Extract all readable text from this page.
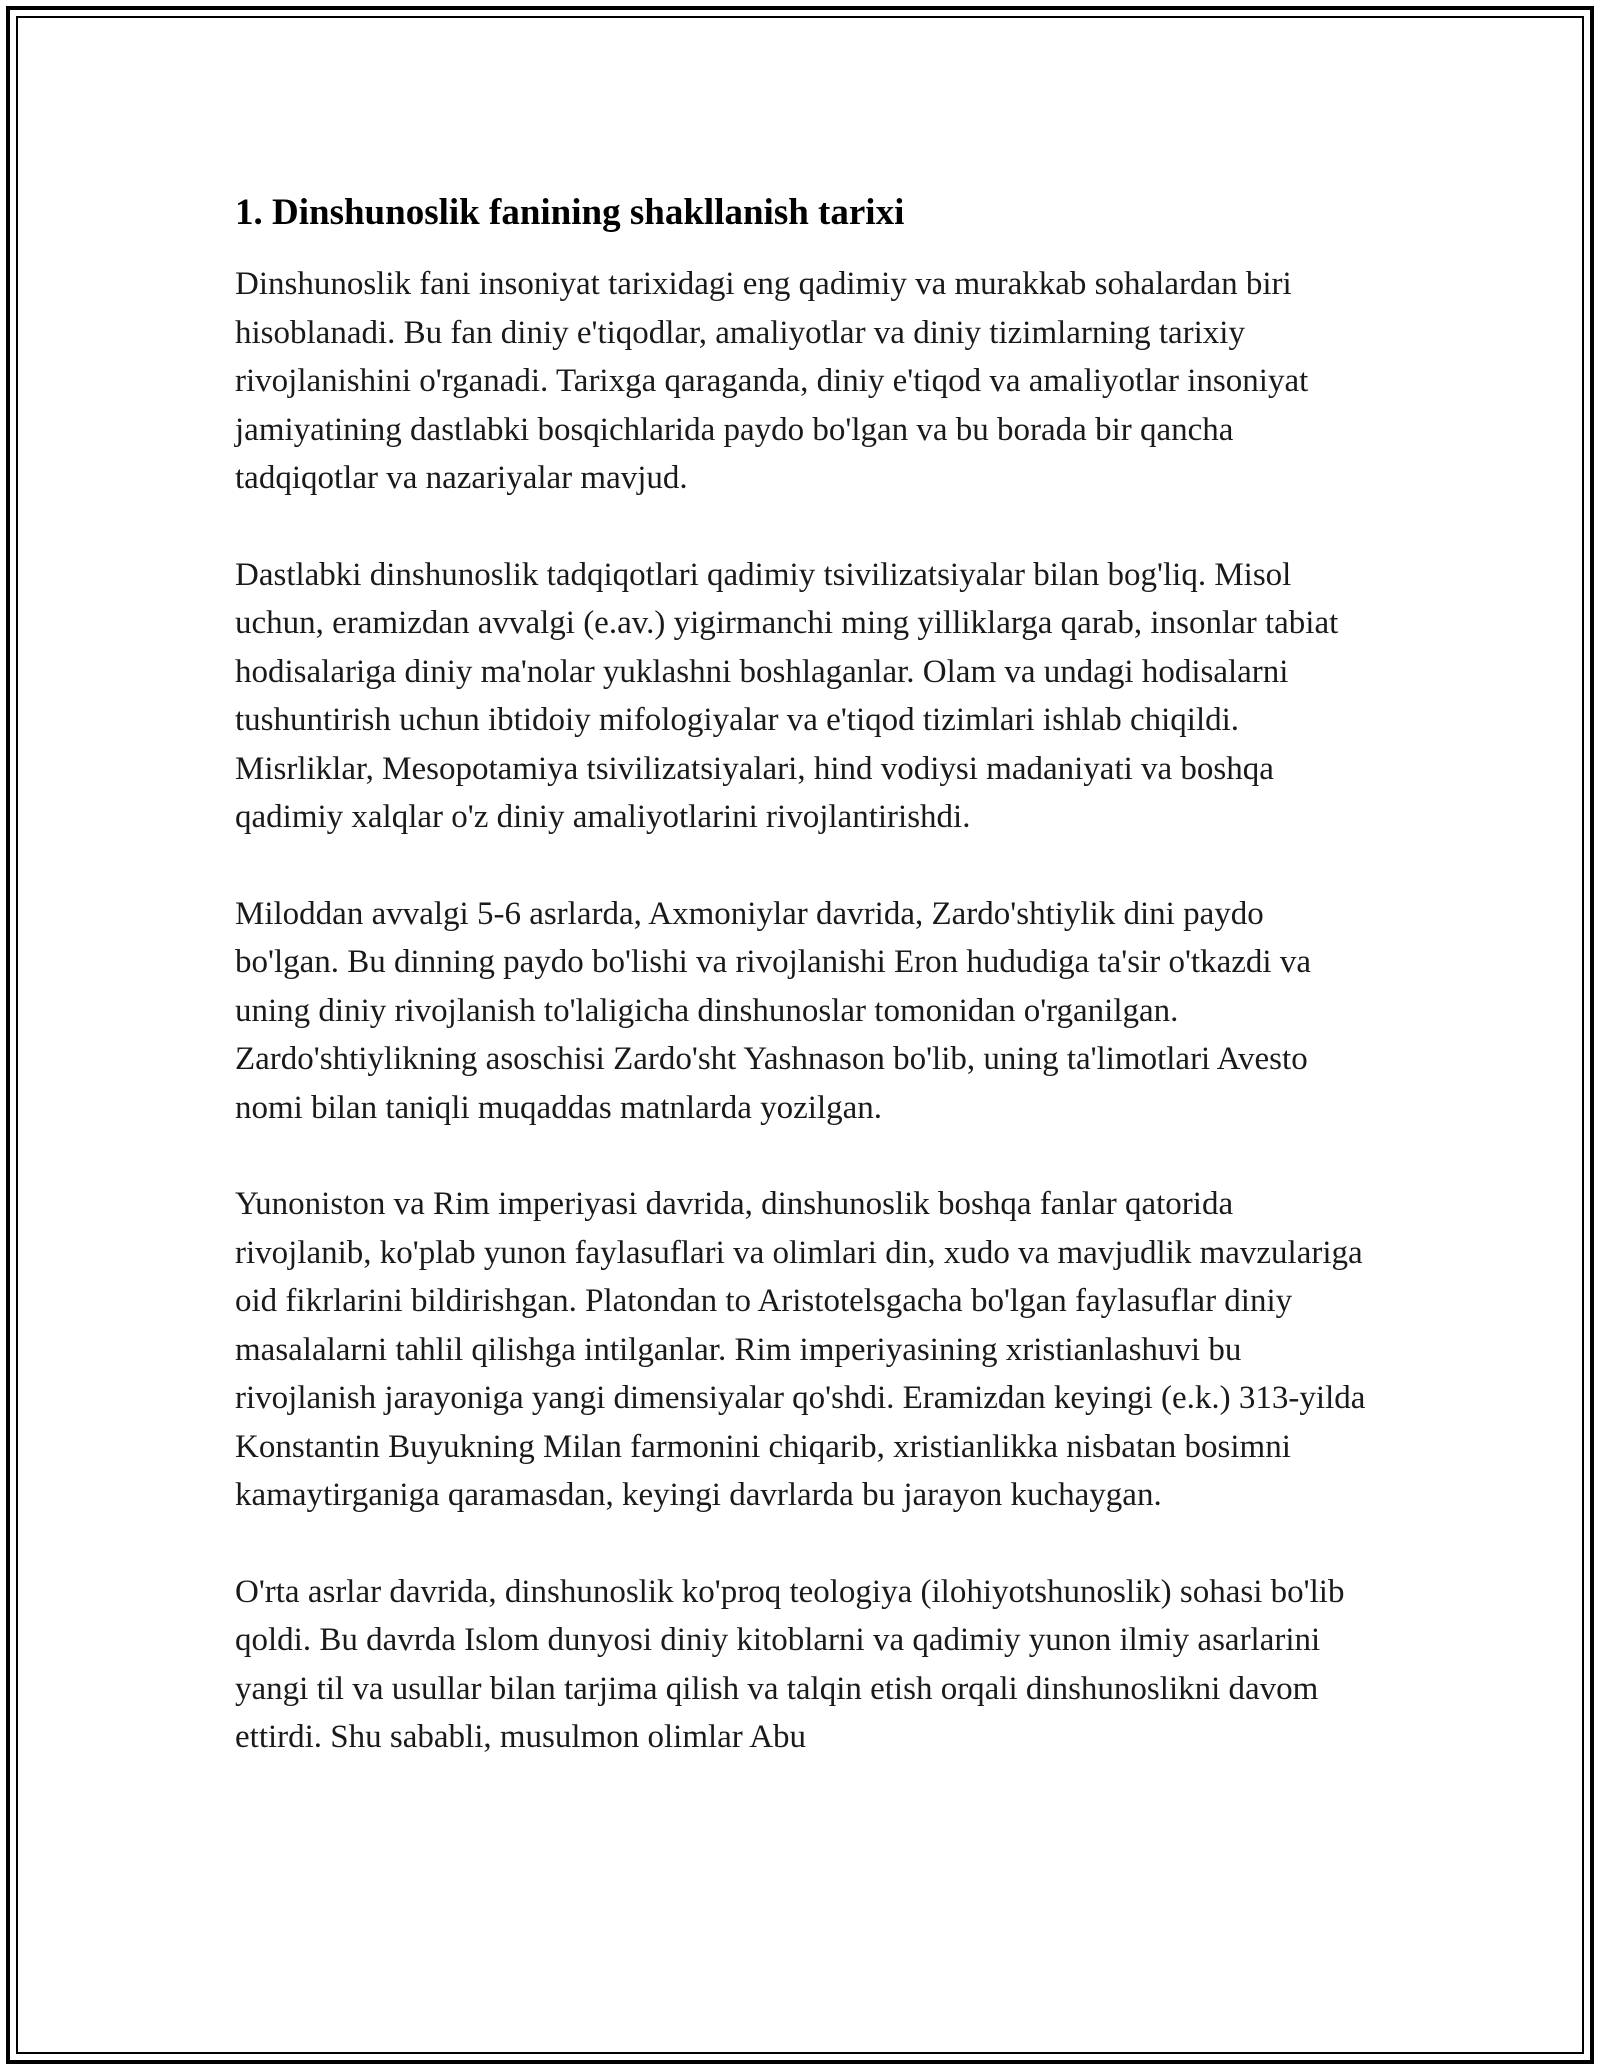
1. Dinshunoslik fanining shakllanish tarixi

Dinshunoslik fani insoniyat tarixidagi eng qadimiy va murakkab sohalardan biri hisoblanadi. Bu fan diniy e'tiqodlar, amaliyotlar va diniy tizimlarning tarixiy rivojlanishini o'rganadi. Tarixga qaraganda, diniy e'tiqod va amaliyotlar insoniyat jamiyatining dastlabki bosqichlarida paydo bo'lgan va bu borada bir qancha tadqiqotlar va nazariyalar mavjud.

Dastlabki dinshunoslik tadqiqotlari qadimiy tsivilizatsiyalar bilan bog'liq. Misol uchun, eramizdan avvalgi (e.av.) yigirmanchi ming yilliklarga qarab, insonlar tabiat hodisalariga diniy ma'nolar yuklashni boshlaganlar. Olam va undagi hodisalarni tushuntirish uchun ibtidoiy mifologiyalar va e'tiqod tizimlari ishlab chiqildi. Misrliklar, Mesopotamiya tsivilizatsiyalari, hind vodiysi madaniyati va boshqa qadimiy xalqlar o'z diniy amaliyotlarini rivojlantirishdi.

Miloddan avvalgi 5-6 asrlarda, Axmoniylar davrida, Zardo'shtiylik dini paydo bo'lgan. Bu dinning paydo bo'lishi va rivojlanishi Eron hududiga ta'sir o'tkazdi va uning diniy rivojlanish to'laligicha dinshunoslar tomonidan o'rganilgan. Zardo'shtiylikning asoschisi Zardo'sht Yashnason bo'lib, uning ta'limotlari Avesto nomi bilan taniqli muqaddas matnlarda yozilgan.

Yunoniston va Rim imperiyasi davrida, dinshunoslik boshqa fanlar qatorida rivojlanib, ko'plab yunon faylasuflari va olimlari din, xudo va mavjudlik mavzulariga oid fikrlarini bildirishgan. Platondan to Aristotelsgacha bo'lgan faylasuflar diniy masalalarni tahlil qilishga intilganlar. Rim imperiyasining xristianlashuvi bu rivojlanish jarayoniga yangi dimensiyalar qo'shdi. Eramizdan keyingi (e.k.) 313-yilda Konstantin Buyukning Milan farmonini chiqarib, xristianlikka nisbatan bosimni kamaytirganiga qaramasdan, keyingi davrlarda bu jarayon kuchaygan.

O'rta asrlar davrida, dinshunoslik ko'proq teologiya (ilohiyotshunoslik) sohasi bo'lib qoldi. Bu davrda Islom dunyosi diniy kitoblarni va qadimiy yunon ilmiy asarlarini yangi til va usullar bilan tarjima qilish va talqin etish orqali dinshunoslikni davom ettirdi. Shu sababli, musulmon olimlar Abu
